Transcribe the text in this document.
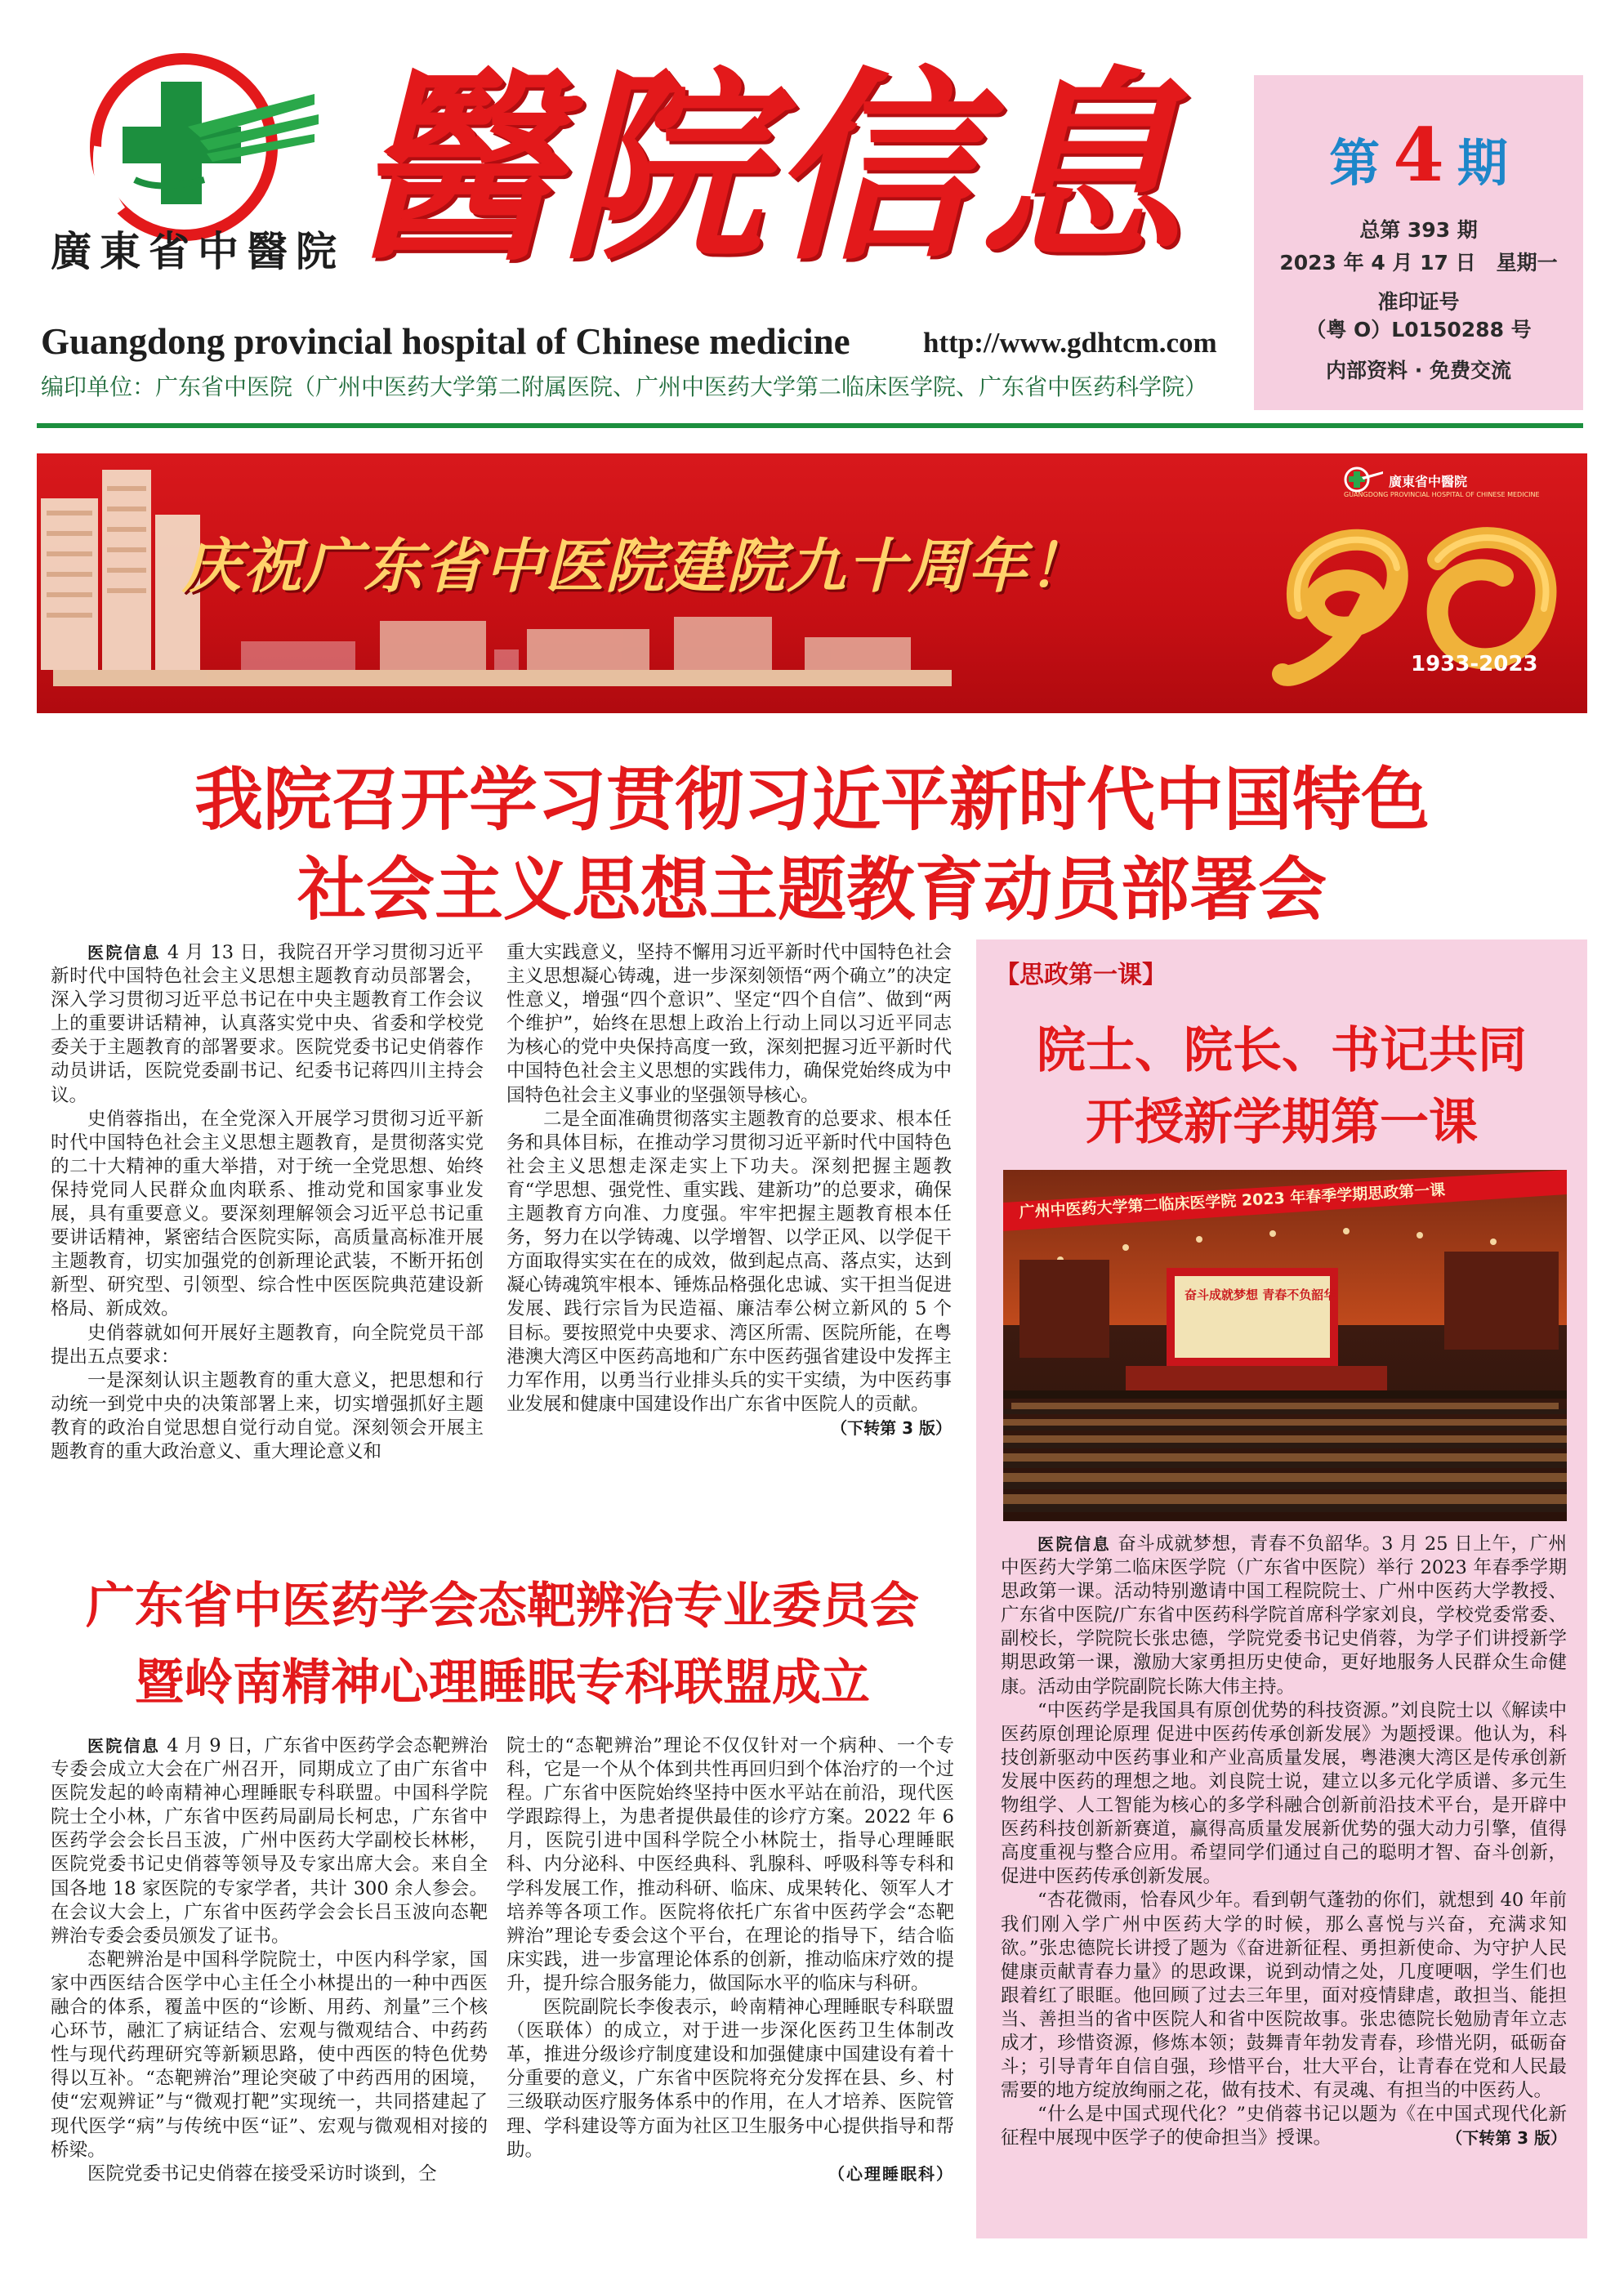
廣東省中醫院 醫院信息
Guangdong provincial hospital of Chinese medicine	http://www.gdhtcm.com
编印单位：广东省中医院（广州中医药大学第二附属医院、广州中医药大学第二临床医学院、广东省中医药科学院）
第 4 期
总第 393 期
2023 年 4 月 17 日　星期一
准印证号
（粤 O）L0150288 号
内部资料 · 免费交流
庆祝广东省中医院建院九十周年！
廣東省中醫院
GUANGDONG PROVINCIAL HOSPITAL OF CHINESE MEDICINE
1933-2023
我院召开学习贯彻习近平新时代中国特色
社会主义思想主题教育动员部署会

医院信息 4 月 13 日，我院召开学习贯彻习近平新时代中国特色社会主义思想主题教育动员部署会，深入学习贯彻习近平总书记在中央主题教育工作会议上的重要讲话精神，认真落实党中央、省委和学校党委关于主题教育的部署要求。医院党委书记史俏蓉作动员讲话，医院党委副书记、纪委书记蒋四川主持会议。

史俏蓉指出，在全党深入开展学习贯彻习近平新时代中国特色社会主义思想主题教育，是贯彻落实党的二十大精神的重大举措，对于统一全党思想、始终保持党同人民群众血肉联系、推动党和国家事业发展，具有重要意义。要深刻理解领会习近平总书记重要讲话精神，紧密结合医院实际，高质量高标准开展主题教育，切实加强党的创新理论武装，不断开拓创新型、研究型、引领型、综合性中医医院典范建设新格局、新成效。

史俏蓉就如何开展好主题教育，向全院党员干部提出五点要求：

一是深刻认识主题教育的重大意义，把思想和行动统一到党中央的决策部署上来，切实增强抓好主题教育的政治自觉思想自觉行动自觉。深刻领会开展主题教育的重大政治意义、重大理论意义和

重大实践意义，坚持不懈用习近平新时代中国特色社会主义思想凝心铸魂，进一步深刻领悟“两个确立”的决定性意义，增强“四个意识”、坚定“四个自信”、做到“两个维护”，始终在思想上政治上行动上同以习近平同志为核心的党中央保持高度一致，深刻把握习近平新时代中国特色社会主义思想的实践伟力，确保党始终成为中国特色社会主义事业的坚强领导核心。

二是全面准确贯彻落实主题教育的总要求、根本任务和具体目标，在推动学习贯彻习近平新时代中国特色社会主义思想走深走实上下功夫。深刻把握主题教育“学思想、强党性、重实践、建新功”的总要求，确保主题教育方向准、力度强。牢牢把握主题教育根本任务，努力在以学铸魂、以学增智、以学正风、以学促干方面取得实实在在的成效，做到起点高、落点实，达到凝心铸魂筑牢根本、锤炼品格强化忠诚、实干担当促进发展、践行宗旨为民造福、廉洁奉公树立新风的 5 个目标。要按照党中央要求、湾区所需、医院所能，在粤港澳大湾区中医药高地和广东中医药强省建设中发挥主力军作用，以勇当行业排头兵的实干实绩，为中医药事业发展和健康中国建设作出广东省中医院人的贡献。
（下转第 3 版）

广东省中医药学会态靶辨治专业委员会
暨岭南精神心理睡眠专科联盟成立

医院信息 4 月 9 日，广东省中医药学会态靶辨治专委会成立大会在广州召开，同期成立了由广东省中医院发起的岭南精神心理睡眠专科联盟。中国科学院院士仝小林，广东省中医药局副局长柯忠，广东省中医药学会会长吕玉波，广州中医药大学副校长林彬，医院党委书记史俏蓉等领导及专家出席大会。来自全国各地 18 家医院的专家学者，共计 300 余人参会。在会议大会上，广东省中医药学会会长吕玉波向态靶辨治专委会委员颁发了证书。

态靶辨治是中国科学院院士，中医内科学家，国家中西医结合医学中心主任仝小林提出的一种中西医融合的体系，覆盖中医的“诊断、用药、剂量”三个核心环节，融汇了病证结合、宏观与微观结合、中药药性与现代药理研究等新颖思路，使中西医的特色优势得以互补。“态靶辨治”理论突破了中药西用的困境，使“宏观辨证”与“微观打靶”实现统一，共同搭建起了现代医学“病”与传统中医“证”、宏观与微观相对接的桥梁。

医院党委书记史俏蓉在接受采访时谈到，仝

院士的“态靶辨治”理论不仅仅针对一个病种、一个专科，它是一个从个体到共性再回归到个体治疗的一个过程。广东省中医院始终坚持中医水平站在前沿，现代医学跟踪得上，为患者提供最佳的诊疗方案。2022 年 6 月，医院引进中国科学院仝小林院士，指导心理睡眠科、内分泌科、中医经典科、乳腺科、呼吸科等专科和学科发展工作，推动科研、临床、成果转化、领军人才培养等各项工作。医院将依托广东省中医药学会“态靶辨治”理论专委会这个平台，在理论的指导下，结合临床实践，进一步富理论体系的创新，推动临床疗效的提升，提升综合服务能力，做国际水平的临床与科研。

医院副院长李俊表示，岭南精神心理睡眠专科联盟（医联体）的成立，对于进一步深化医药卫生体制改革，推进分级诊疗制度建设和加强健康中国建设有着十分重要的意义，广东省中医院将充分发挥在县、乡、村三级联动医疗服务体系中的作用，在人才培养、医院管理、学科建设等方面为社区卫生服务中心提供指导和帮助。

（心理睡眠科）

【思政第一课】
院士、院长、书记共同
开授新学期第一课
广州中医药大学第二临床医学院 2023 年春季学期思政第一课
奋斗成就梦想 青春不负韶华

医院信息 奋斗成就梦想，青春不负韶华。3 月 25 日上午，广州中医药大学第二临床医学院（广东省中医院）举行 2023 年春季学期思政第一课。活动特别邀请中国工程院院士、广州中医药大学教授、广东省中医院/广东省中医药科学院首席科学家刘良，学校党委常委、副校长，学院院长张忠德，学院党委书记史俏蓉，为学子们讲授新学期思政第一课，激励大家勇担历史使命，更好地服务人民群众生命健康。活动由学院副院长陈大伟主持。

“中医药学是我国具有原创优势的科技资源。”刘良院士以《解读中医药原创理论原理 促进中医药传承创新发展》为题授课。他认为，科技创新驱动中医药事业和产业高质量发展，粤港澳大湾区是传承创新发展中医药的理想之地。刘良院士说，建立以多元化学质谱、多元生物组学、人工智能为核心的多学科融合创新前沿技术平台，是开辟中医药科技创新新赛道，赢得高质量发展新优势的强大动力引擎，值得高度重视与整合应用。希望同学们通过自己的聪明才智、奋斗创新，促进中医药传承创新发展。

“杏花微雨，恰春风少年。看到朝气蓬勃的你们，就想到 40 年前我们刚入学广州中医药大学的时候，那么喜悦与兴奋，充满求知欲。”张忠德院长讲授了题为《奋进新征程、勇担新使命、为守护人民健康贡献青春力量》的思政课，说到动情之处，几度哽咽，学生们也跟着红了眼眶。他回顾了过去三年里，面对疫情肆虐，敢担当、能担当、善担当的省中医院人和省中医院故事。张忠德院长勉励青年立志成才，珍惜资源，修炼本领；鼓舞青年勃发青春，珍惜光阴，砥砺奋斗；引导青年自信自强，珍惜平台，壮大平台，让青春在党和人民最需要的地方绽放绚丽之花，做有技术、有灵魂、有担当的中医药人。

“什么是中国式现代化？”史俏蓉书记以题为《在中国式现代化新征程中展现中医学子的使命担当》授课。	（下转第 3 版）
